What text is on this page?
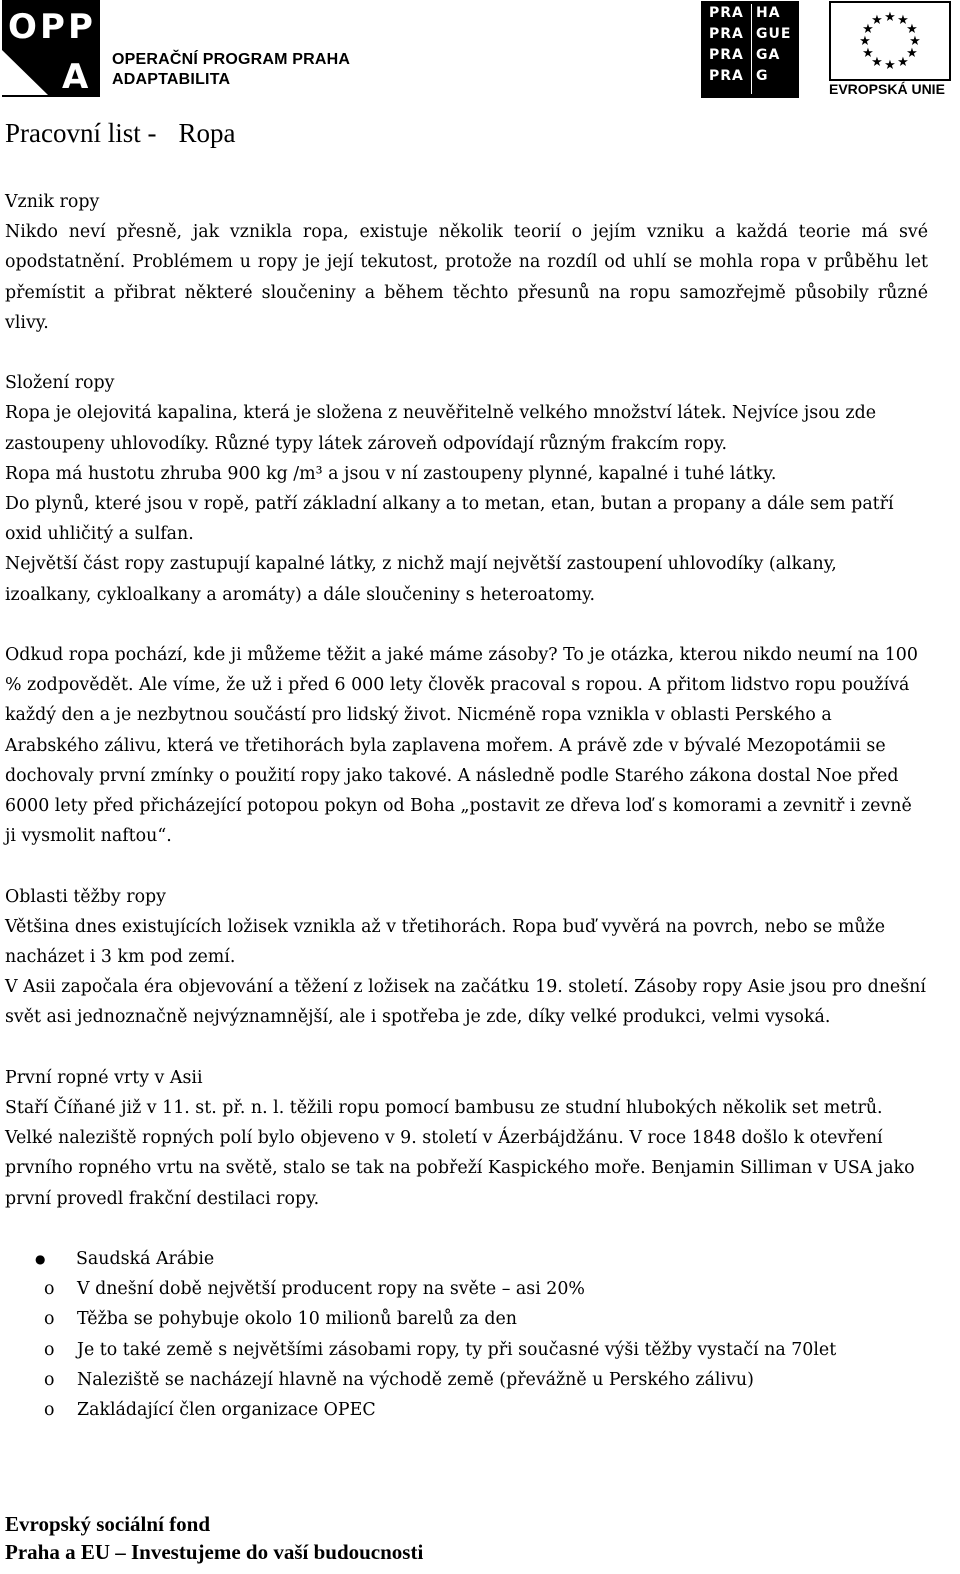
O P P
A OPERAČNÍ PROGRAM PRAHA
ADAPTABILITA
PRA HA
PRA GUE
PRA GA
PRA G
★ ★
★
★
★
★
★
★
★
★
★
★
EVROPSKÁ UNIE
Pracovní list - Ropa

Vznik ropy

Nikdo neví přesně, jak vznikla ropa, existuje několik teorií o jejím vzniku a každá teorie má své opodstatnění. Problémem u ropy je její tekutost, protože na rozdíl od uhlí se mohla ropa v průběhu let přemístit a přibrat některé sloučeniny a během těchto přesunů na ropu samozřejmě působily různé vlivy.

Složení ropy

Ropa je olejovitá kapalina, která je složena z neuvěřitelně velkého množství látek. Nejvíce jsou zde zastoupeny uhlovodíky. Různé typy látek zároveň odpovídají různým frakcím ropy.

Ropa má hustotu zhruba 900 kg /m³ a jsou v ní zastoupeny plynné, kapalné i tuhé látky.

Do plynů, které jsou v ropě, patří základní alkany a to metan, etan, butan a propany a dále sem patří oxid uhličitý a sulfan.

Největší část ropy zastupují kapalné látky, z nichž mají největší zastoupení uhlovodíky (alkany, izoalkany, cykloalkany a aromáty) a dále sloučeniny s heteroatomy.

Odkud ropa pochází, kde ji můžeme těžit a jaké máme zásoby? To je otázka, kterou nikdo neumí na 100 % zodpovědět. Ale víme, že už i před 6 000 lety člověk pracoval s ropou. A přitom lidstvo ropu používá každý den a je nezbytnou součástí pro lidský život. Nicméně ropa vznikla v oblasti Perského a Arabského zálivu, která ve třetihorách byla zaplavena mořem. A právě zde v bývalé Mezopotámii se dochovaly první zmínky o použití ropy jako takové. A následně podle Starého zákona dostal Noe před 6000 lety před přicházející potopou pokyn od Boha „postavit ze dřeva loď s komorami a zevnitř i zevně ji vysmolit naftou“.

Oblasti těžby ropy

Většina dnes existujících ložisek vznikla až v třetihorách. Ropa buď vyvěrá na povrch, nebo se může nacházet i 3 km pod zemí.

V Asii započala éra objevování a těžení z ložisek na začátku 19. století. Zásoby ropy Asie jsou pro dnešní svět asi jednoznačně nejvýznamnější, ale i spotřeba je zde, díky velké produkci, velmi vysoká.

První ropné vrty v Asii

Staří Číňané již v 11. st. př. n. l. těžili ropu pomocí bambusu ze studní hlubokých několik set metrů. Velké naleziště ropných polí bylo objeveno v 9. století v Ázerbájdžánu. V roce 1848 došlo k otevření prvního ropného vrtu na světě, stalo se tak na pobřeží Kaspického moře. Benjamin Silliman v USA jako první provedl frakční destilaci ropy.

● Saudská Arábie
o V dnešní době největší producent ropy na světe – asi 20%
o Těžba se pohybuje okolo 10 milionů barelů za den
o Je to také země s největšími zásobami ropy, ty při současné výši těžby vystačí na 70let
o Naleziště se nacházejí hlavně na východě země (převážně u Perského zálivu)
o Zakládající člen organizace OPEC
Evropský sociální fond
Praha a EU – Investujeme do vaší budoucnosti
